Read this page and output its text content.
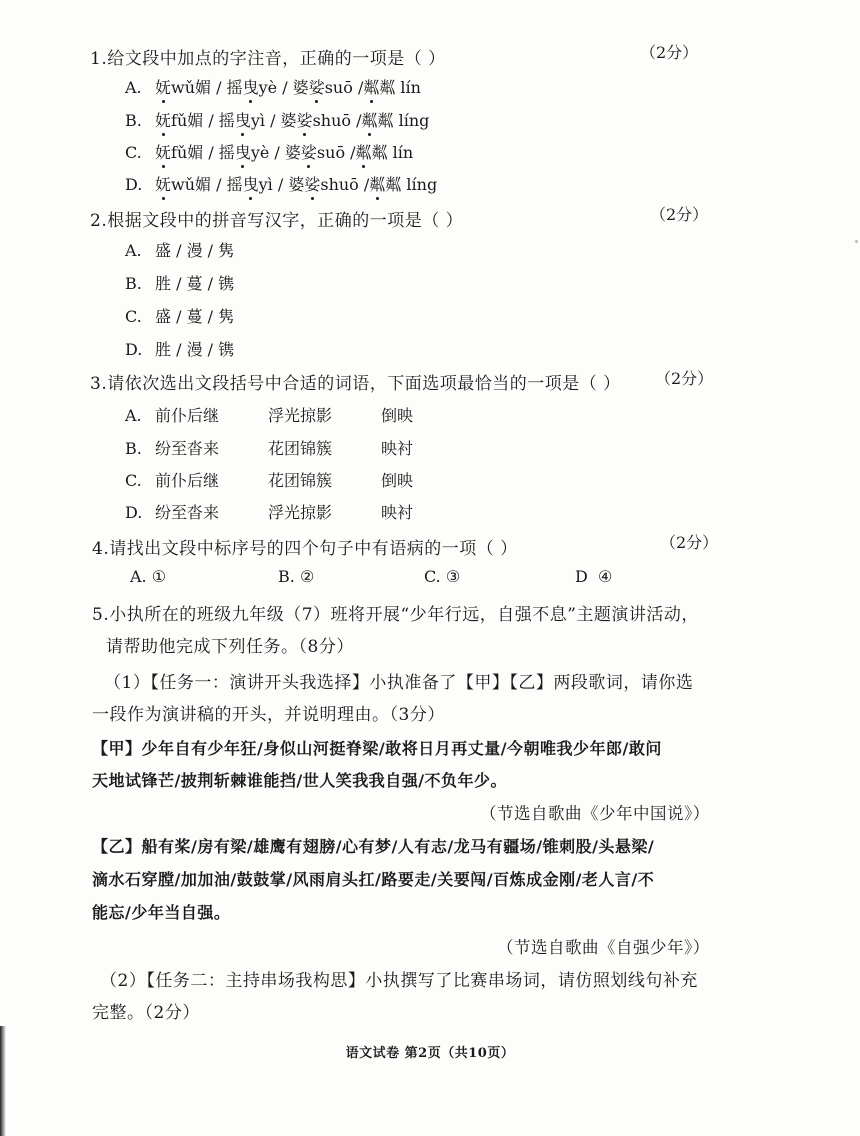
1.给文段中加点的字注音，正确的一项是（ ）	（2分）
A. 妩wǔ媚 / 摇曳yè / 婆娑suō /粼粼 lín
B. 妩fǔ媚 / 摇曳yì / 婆娑shuō /粼粼 líng
C. 妩fǔ媚 / 摇曳yè / 婆娑suō /粼粼 lín
D. 妩wǔ媚 / 摇曳yì / 婆娑shuō /粼粼 líng
2.根据文段中的拼音写汉字，正确的一项是（ ）	（2分）
A. 盛 / 漫 / 隽
B. 胜 / 蔓 / 镌
C. 盛 / 蔓 / 隽
D. 胜 / 漫 / 镌
3.请依次选出文段括号中合适的词语，下面选项最恰当的一项是（ ） （2分）
A. 前仆后继	浮光掠影	倒映
B. 纷至沓来	花团锦簇	映衬
C. 前仆后继	花团锦簇	倒映
D. 纷至沓来	浮光掠影	映衬
4.请找出文段中标序号的四个句子中有语病的一项（ ）	（2分）
A. ①	B. ②	C. ③	D ④
5.小执所在的班级九年级（7）班将开展“少年行远，自强不息”主题演讲活动，
请帮助他完成下列任务。（8分）
（1）【任务一：演讲开头我选择】小执准备了【甲】【乙】两段歌词，请你选
一段作为演讲稿的开头，并说明理由。（3分）
【甲】少年自有少年狂/身似山河挺脊梁/敢将日月再丈量/今朝唯我少年郎/敢问
天地试锋芒/披荆斩棘谁能挡/世人笑我我自强/不负年少。
（节选自歌曲《少年中国说》）
【乙】船有桨/房有梁/雄鹰有翅膀/心有梦/人有志/龙马有疆场/锥刺股/头悬梁/
滴水石穿膛/加加油/鼓鼓掌/风雨肩头扛/路要走/关要闯/百炼成金刚/老人言/不
能忘/少年当自强。
（节选自歌曲《自强少年》）
（2）【任务二：主持串场我构思】小执撰写了比赛串场词，请仿照划线句补充
完整。（2分）
语文试卷 第2页（共10页）
